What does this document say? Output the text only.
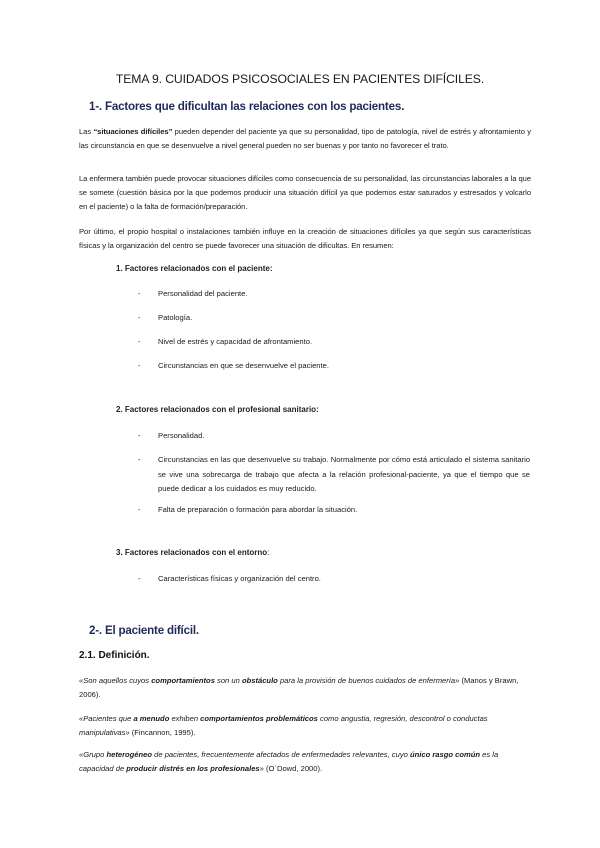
TEMA 9. CUIDADOS PSICOSOCIALES EN PACIENTES DIFÍCILES.
1-. Factores que dificultan las relaciones con los pacientes.
Las “situaciones difíciles” pueden depender del paciente ya que su personalidad, tipo de patología, nivel de estrés y afrontamiento y las circunstancia en que se desenvuelve a nivel general pueden no ser buenas y por tanto no favorecer el trato.
La enfermera también puede provocar situaciones difíciles como consecuencia de su personalidad, las circunstancias laborales a la que se somete (cuestión básica por la que podemos producir una situación difícil ya que podemos estar saturados y estresados y volcarlo en el paciente) o la falta de formación/preparación.
Por último, el propio hospital o instalaciones también influye en la creación de situaciones difíciles ya que según sus características físicas y la organización del centro se puede favorecer una situación de dificultas. En resumen:
1. Factores relacionados con el paciente:
- Personalidad del paciente.
- Patología.
- Nivel de estrés y capacidad de afrontamiento.
- Circunstancias en que se desenvuelve el paciente.
2. Factores relacionados con el profesional sanitario:
- Personalidad.
- Circunstancias en las que desenvuelve su trabajo. Normalmente por cómo está articulado el sistema sanitario se vive una sobrecarga de trabajo que afecta a la relación profesional-paciente, ya que el tiempo que se puede dedicar a los cuidados es muy reducido.
- Falta de preparación o formación para abordar la situación.
3. Factores relacionados con el entorno:
- Características físicas y organización del centro.
2-. El paciente difícil.
2.1. Definición.
«Son aquellos cuyos comportamientos son un obstáculo para la provisión de buenos cuidados de enfermería» (Manos y Brawn, 2006).
«Pacientes que a menudo exhiben comportamientos problemáticos como angustia, regresión, descontrol o conductas manipulativas» (Fincannon, 1995).
«Grupo heterogéneo de pacientes, frecuentemente afectados de enfermedades relevantes, cuyo único rasgo común es la capacidad de producir distrés en los profesionales» (O´Dowd, 2000).
